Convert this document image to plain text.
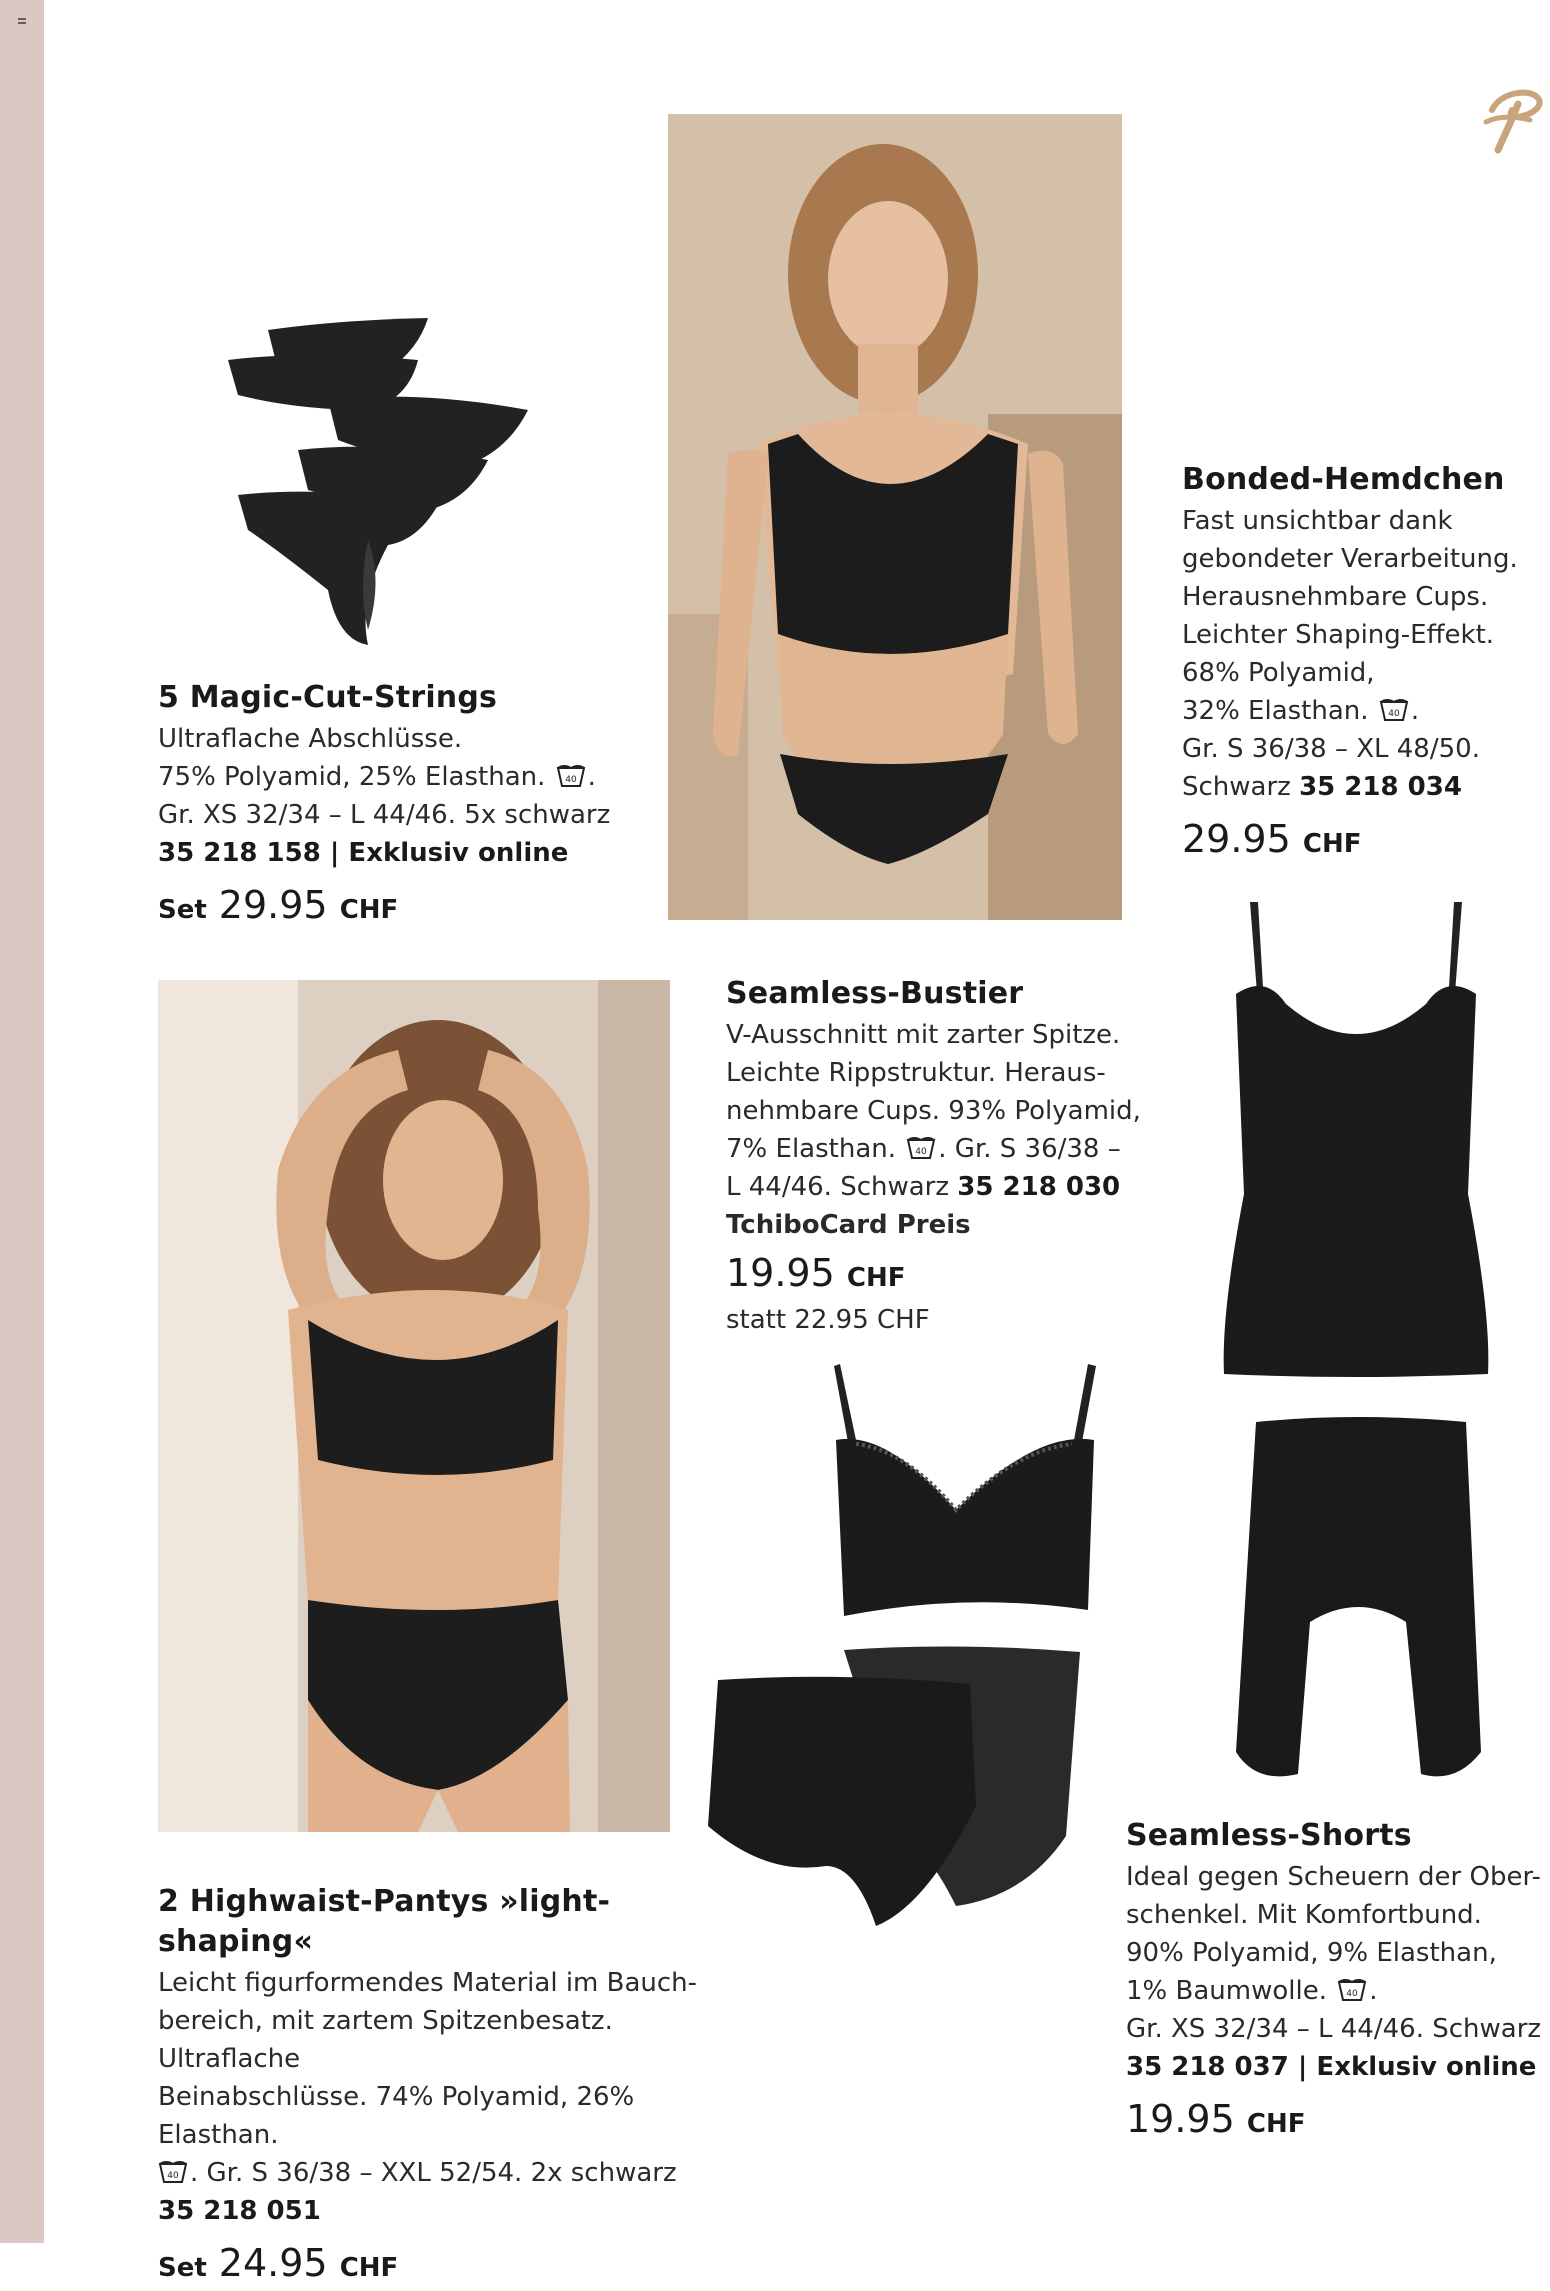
5 Magic-Cut-Strings

Ultraflache Abschlüsse.

75% Polyamid, 25% Elasthan. 40 .

Gr. XS 32/34 – L 44/46. 5x schwarz

35 218 158 | Exklusiv online

Set 29.95 CHF
Bonded-Hemdchen

Fast unsichtbar dank

gebondeter Verarbeitung.

Herausnehmbare Cups.

Leichter Shaping-Effekt.

68% Polyamid,

32% Elasthan. 40 .

Gr. S 36/38 – XL 48/50.

Schwarz 35 218 034

29.95 CHF
Seamless-Bustier

V-Ausschnitt mit zarter Spitze.

Leichte Rippstruktur. Heraus-

nehmbare Cups. 93% Polyamid,

7% Elasthan. 40 . Gr. S 36/38 –

L 44/46. Schwarz 35 218 030

TchiboCard Preis

19.95 CHF

statt 22.95 CHF

2 Highwaist-Pantys »light-shaping«

Leicht figurformendes Material im Bauch-

bereich, mit zartem Spitzenbesatz. Ultraflache

Beinabschlüsse. 74% Polyamid, 26% Elasthan.

40 . Gr. S 36/38 – XXL 52/54. 2x schwarz

35 218 051

Set 24.95 CHF
Seamless-Shorts

Ideal gegen Scheuern der Ober-

schenkel. Mit Komfortbund.

90% Polyamid, 9% Elasthan,

1% Baumwolle. 40 .

Gr. XS 32/34 – L 44/46. Schwarz

35 218 037 | Exklusiv online

19.95 CHF
